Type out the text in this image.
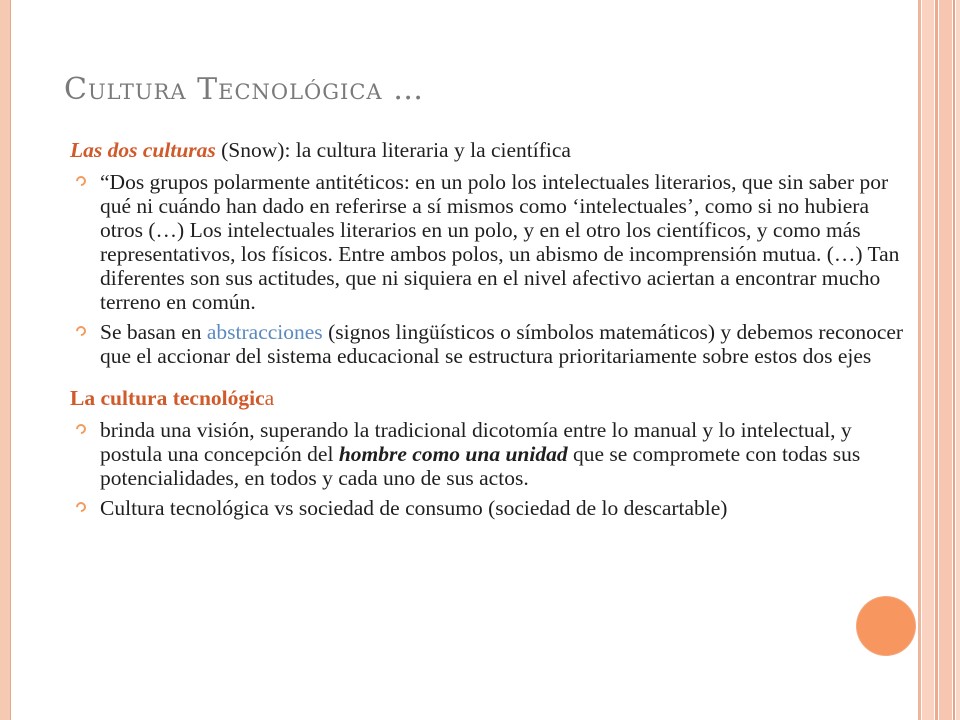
Cultura Tecnológica …

Las dos culturas (Snow): la cultura literaria y la científica

“Dos grupos polarmente antitéticos: en un polo los intelectuales literarios, que sin saber por qué ni cuándo han dado en referirse a sí mismos como ‘intelectuales’, como si no hubiera otros (…) Los intelectuales literarios en un polo, y en el otro los científicos, y como más representativos, los físicos. Entre ambos polos, un abismo de incomprensión mutua. (…) Tan diferentes son sus actitudes, que ni siquiera en el nivel afectivo aciertan a encontrar mucho terreno en común.
Se basan en abstracciones (signos lingüísticos o símbolos matemáticos) y debemos reconocer que el accionar del sistema educacional se estructura prioritariamente sobre estos dos ejes

La cultura tecnológica

brinda una visión, superando la tradicional dicotomía entre lo manual y lo intelectual, y postula una concepción del hombre como una unidad que se compromete con todas sus potencialidades, en todos y cada uno de sus actos.
Cultura tecnológica vs sociedad de consumo (sociedad de lo descartable)
